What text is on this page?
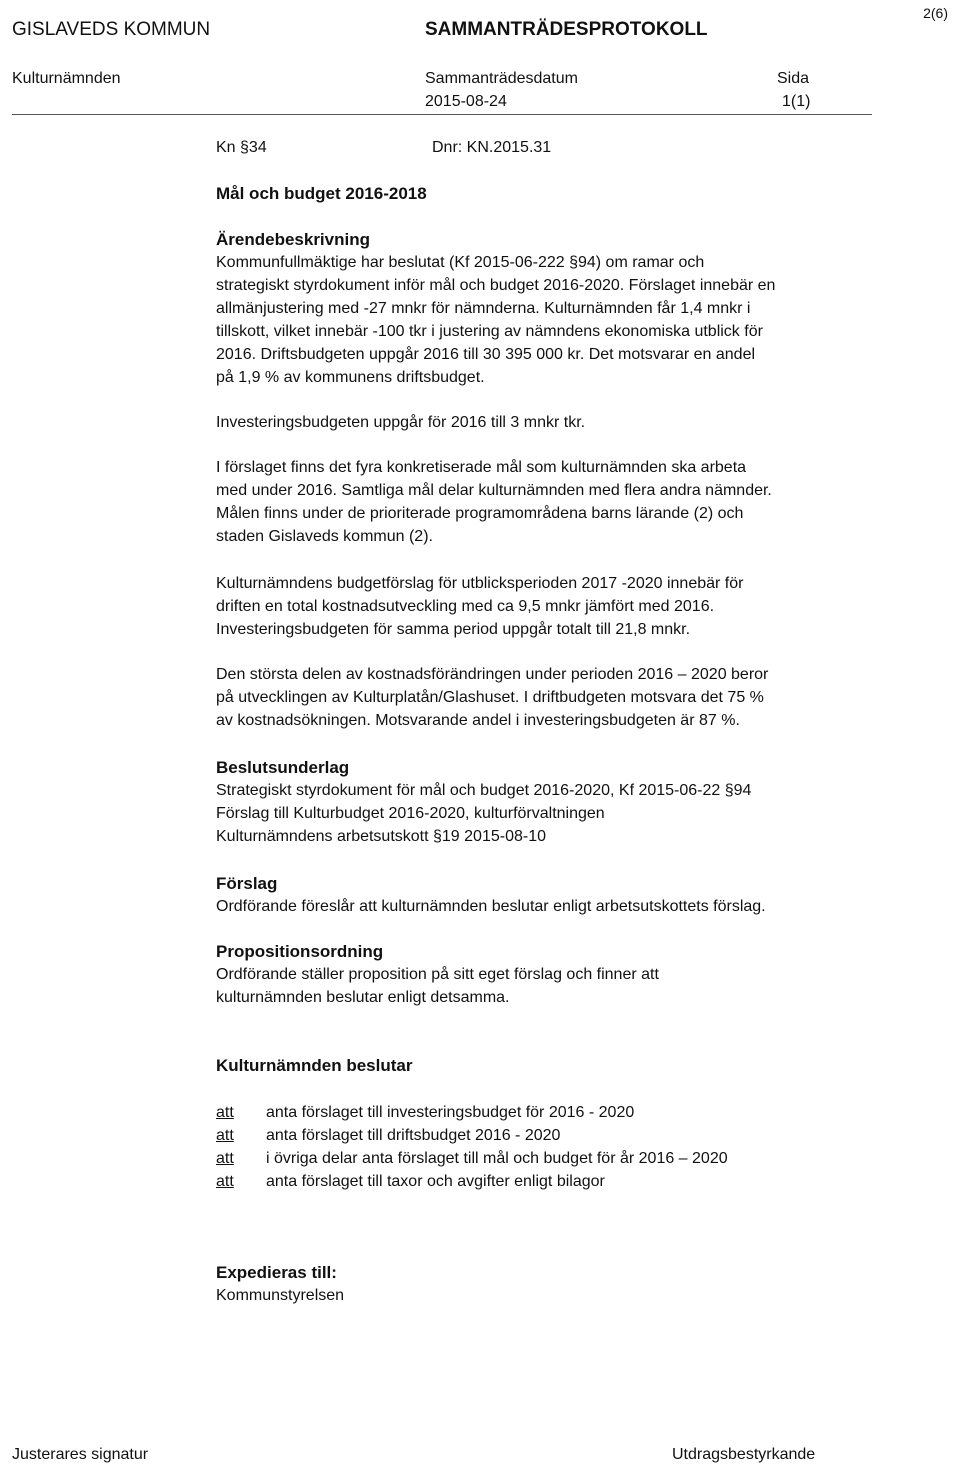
2(6)
GISLAVEDS KOMMUN	SAMMANTRÄDESPROTOKOLL
Kulturnämnden	Sammanträdesdatum	Sida
2015-08-24	1(1)
Kn §34	Dnr: KN.2015.31
Mål och budget 2016-2018
Ärendebeskrivning

Kommunfullmäktige har beslutat (Kf 2015-06-222 §94) om ramar och

strategiskt styrdokument inför mål och budget 2016-2020. Förslaget innebär en

allmänjustering med -27 mnkr för nämnderna. Kulturnämnden får 1,4 mnkr i

tillskott, vilket innebär -100 tkr i justering av nämndens ekonomiska utblick för

2016. Driftsbudgeten uppgår 2016 till 30 395 000 kr. Det motsvarar en andel

på 1,9 % av kommunens driftsbudget.

Investeringsbudgeten uppgår för 2016 till 3 mnkr tkr.

I förslaget finns det fyra konkretiserade mål som kulturnämnden ska arbeta

med under 2016. Samtliga mål delar kulturnämnden med flera andra nämnder.

Målen finns under de prioriterade programområdena barns lärande (2) och

staden Gislaveds kommun (2).

Kulturnämndens budgetförslag för utblicksperioden 2017 -2020 innebär för

driften en total kostnadsutveckling med ca 9,5 mnkr jämfört med 2016.

Investeringsbudgeten för samma period uppgår totalt till 21,8 mnkr.

Den största delen av kostnadsförändringen under perioden 2016 – 2020 beror

på utvecklingen av Kulturplatån/Glashuset. I driftbudgeten motsvara det 75 %

av kostnadsökningen. Motsvarande andel i investeringsbudgeten är 87 %.

Beslutsunderlag

Strategiskt styrdokument för mål och budget 2016-2020, Kf 2015-06-22 §94

Förslag till Kulturbudget 2016-2020, kulturförvaltningen

Kulturnämndens arbetsutskott §19 2015-08-10

Förslag

Ordförande föreslår att kulturnämnden beslutar enligt arbetsutskottets förslag.

Propositionsordning

Ordförande ställer proposition på sitt eget förslag och finner att

kulturnämnden beslutar enligt detsamma.

Kulturnämnden beslutar
att anta förslaget till investeringsbudget för 2016 - 2020
att anta förslaget till driftsbudget 2016 - 2020
att i övriga delar anta förslaget till mål och budget för år 2016 – 2020
att anta förslaget till taxor och avgifter enligt bilagor
Expedieras till:

Kommunstyrelsen

Justerares signatur	Utdragsbestyrkande
